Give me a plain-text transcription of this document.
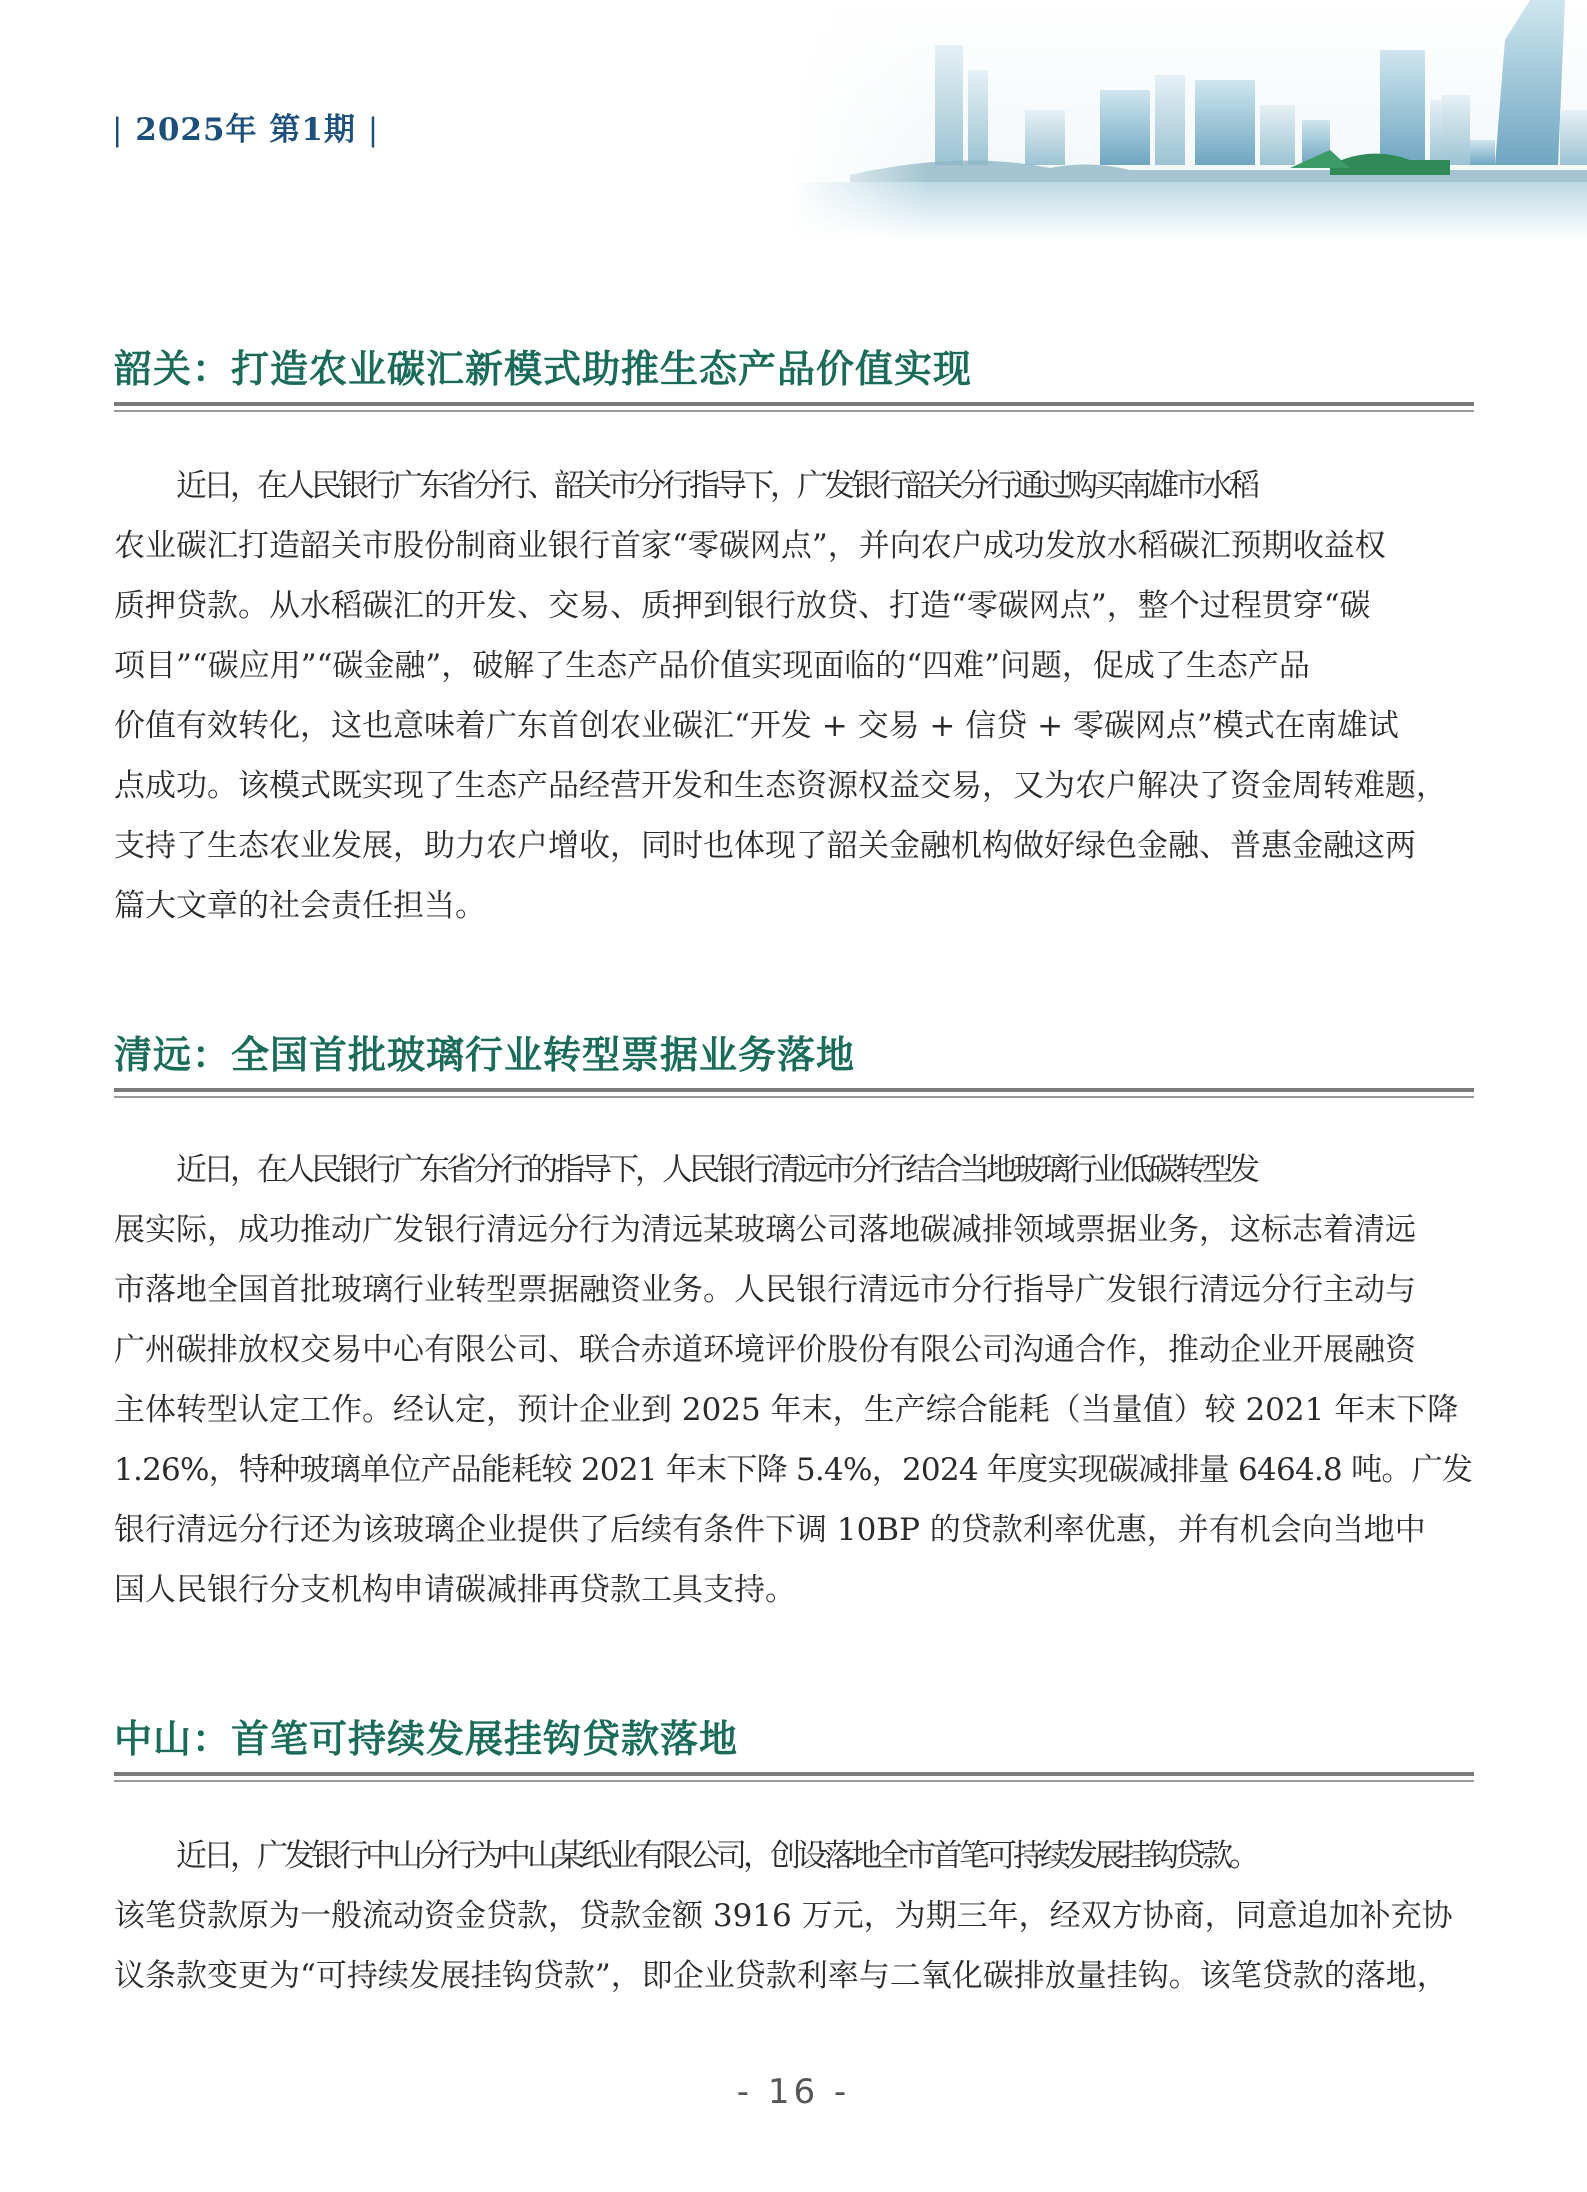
| 2025年 第1期 |
韶关：打造农业碳汇新模式助推生态产品价值实现
近日，在人民银行广东省分行、韶关市分行指导下，广发银行韶关分行通过购买南雄市水稻
农业碳汇打造韶关市股份制商业银行首家“零碳网点”，并向农户成功发放水稻碳汇预期收益权
质押贷款。从水稻碳汇的开发、交易、质押到银行放贷、打造“零碳网点”，整个过程贯穿“碳
项目”“碳应用”“碳金融”，破解了生态产品价值实现面临的“四难”问题，促成了生态产品
价值有效转化，这也意味着广东首创农业碳汇“开发 + 交易 + 信贷 + 零碳网点”模式在南雄试
点成功。该模式既实现了生态产品经营开发和生态资源权益交易，又为农户解决了资金周转难题，
支持了生态农业发展，助力农户增收，同时也体现了韶关金融机构做好绿色金融、普惠金融这两
篇大文章的社会责任担当。
清远：全国首批玻璃行业转型票据业务落地
近日，在人民银行广东省分行的指导下，人民银行清远市分行结合当地玻璃行业低碳转型发
展实际，成功推动广发银行清远分行为清远某玻璃公司落地碳减排领域票据业务，这标志着清远
市落地全国首批玻璃行业转型票据融资业务。人民银行清远市分行指导广发银行清远分行主动与
广州碳排放权交易中心有限公司、联合赤道环境评价股份有限公司沟通合作，推动企业开展融资
主体转型认定工作。经认定，预计企业到 2025 年末，生产综合能耗（当量值）较 2021 年末下降
1.26%，特种玻璃单位产品能耗较 2021 年末下降 5.4%，2024 年度实现碳减排量 6464.8 吨。广发
银行清远分行还为该玻璃企业提供了后续有条件下调 10BP 的贷款利率优惠，并有机会向当地中
国人民银行分支机构申请碳减排再贷款工具支持。
中山：首笔可持续发展挂钩贷款落地
近日，广发银行中山分行为中山某纸业有限公司，创设落地全市首笔可持续发展挂钩贷款。
该笔贷款原为一般流动资金贷款，贷款金额 3916 万元，为期三年，经双方协商，同意追加补充协
议条款变更为“可持续发展挂钩贷款”，即企业贷款利率与二氧化碳排放量挂钩。该笔贷款的落地，
- 16 -
